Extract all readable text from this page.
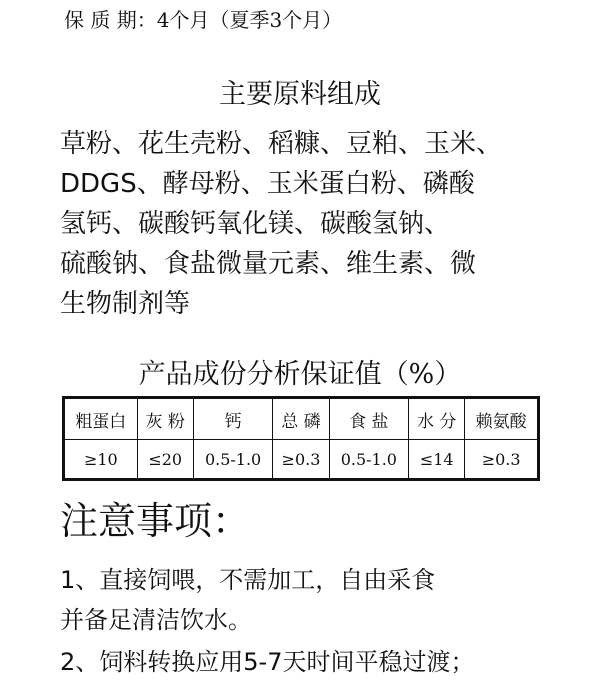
保 质 期：4个月（夏季3个月）
主要原料组成

草粉、花生壳粉、稻糠、豆粕、玉米、

DDGS、酵母粉、玉米蛋白粉、磷酸

氢钙、碳酸钙氧化镁、碳酸氢钠、

硫酸钠、食盐微量元素、维生素、微

生物制剂等

产品成份分析保证值（%）
粗蛋白	灰 粉	钙	总 磷	食 盐	水 分	赖氨酸
≥10	≤20	0.5-1.0	≥0.3	0.5-1.0	≤14	≥0.3
注意事项：
1、直接饲喂，不需加工，自由采食
并备足清洁饮水。
2、饲料转换应用5-7天时间平稳过渡；
